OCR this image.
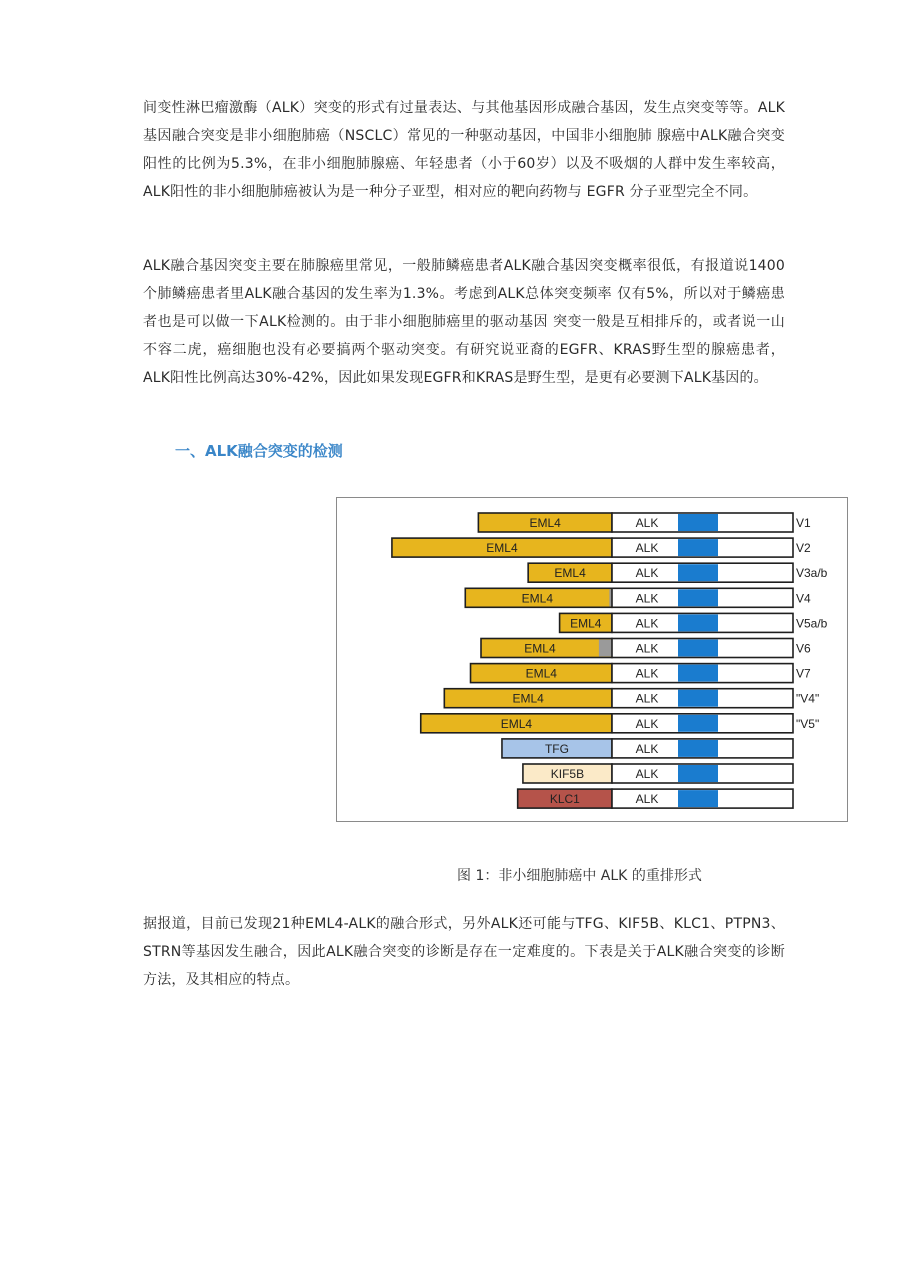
间变性淋巴瘤激酶（ALK）突变的形式有过量表达、与其他基因形成融合基因，发生点突变等等。ALK基因融合突变是非小细胞肺癌（NSCLC）常见的一种驱动基因，中国非小细胞肺 腺癌中ALK融合突变阳性的比例为5.3%，在非小细胞肺腺癌、年轻患者（小于60岁）以及不吸烟的人群中发生率较高，ALK阳性的非小细胞肺癌被认为是一种分子亚型，相对应的靶向药物与 EGFR 分子亚型完全不同。

ALK融合基因突变主要在肺腺癌里常见，一般肺鳞癌患者ALK融合基因突变概率很低，有报道说1400个肺鳞癌患者里ALK融合基因的发生率为1.3%。考虑到ALK总体突变频率 仅有5%，所以对于鳞癌患者也是可以做一下ALK检测的。由于非小细胞肺癌里的驱动基因 突变一般是互相排斥的，或者说一山不容二虎，癌细胞也没有必要搞两个驱动突变。有研究说亚裔的EGFR、KRAS野生型的腺癌患者，ALK阳性比例高达30%-42%，因此如果发现EGFR和KRAS是野生型，是更有必要测下ALK基因的。

一、ALK融合突变的检测
EML4	ALK	V1
EML4	ALK	V2
EML4	ALK	V3a/b
EML4	ALK	V4
EML4	ALK	V5a/b
EML4	ALK	V6
EML4	ALK	V7
EML4	ALK	"V4"
EML4	ALK	"V5"
TFG	ALK
KIF5B	ALK
KLC1	ALK

图 1：非小细胞肺癌中 ALK 的重排形式

据报道，目前已发现21种EML4-ALK的融合形式，另外ALK还可能与TFG、KIF5B、KLC1、PTPN3、STRN等基因发生融合，因此ALK融合突变的诊断是存在一定难度的。下表是关于ALK融合突变的诊断方法，及其相应的特点。
